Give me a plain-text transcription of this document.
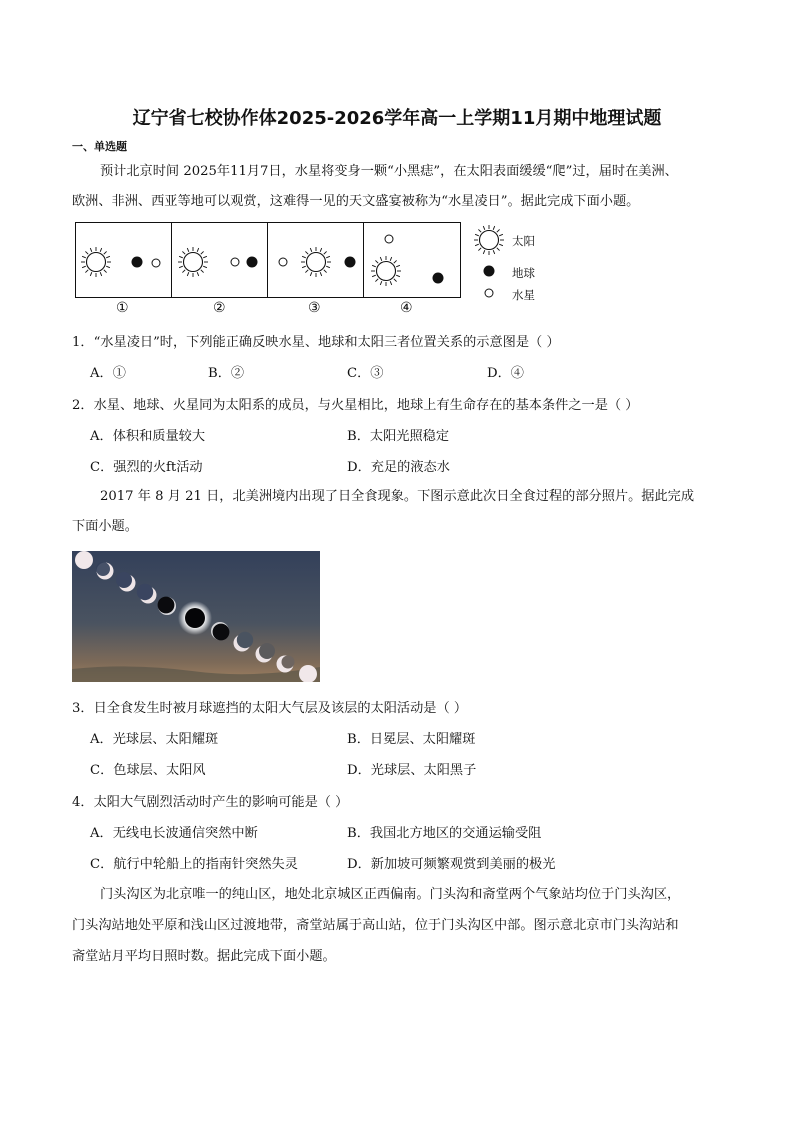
辽宁省七校协作体2025-2026学年高一上学期11月期中地理试题
一、单选题
预计北京时间 2025年11月7日，水星将变身一颗“小黑痣”，在太阳表面缓缓“爬”过，届时在美洲、
欧洲、非洲、西亚等地可以观赏，这难得一见的天文盛宴被称为“水星凌日”。据此完成下面小题。
太阳
地球
水星
①	②	③	④
1．“水星凌日”时，下列能正确反映水星、地球和太阳三者位置关系的示意图是（ ）
A．①	B．②	C．③	D．④
2．水星、地球、火星同为太阳系的成员，与火星相比，地球上有生命存在的基本条件之一是（ ）
A．体积和质量较大	B．太阳光照稳定
C．强烈的火ft活动	D．充足的液态水
2017 年 8 月 21 日，北美洲境内出现了日全食现象。下图示意此次日全食过程的部分照片。据此完成
下面小题。
3．日全食发生时被月球遮挡的太阳大气层及该层的太阳活动是（ ）
A．光球层、太阳耀斑	B．日冕层、太阳耀斑
C．色球层、太阳风	D．光球层、太阳黑子
4．太阳大气剧烈活动时产生的影响可能是（ ）
A．无线电长波通信突然中断	B．我国北方地区的交通运输受阻
C．航行中轮船上的指南针突然失灵	D．新加坡可频繁观赏到美丽的极光
门头沟区为北京唯一的纯山区，地处北京城区正西偏南。门头沟和斋堂两个气象站均位于门头沟区，
门头沟站地处平原和浅山区过渡地带，斋堂站属于高山站，位于门头沟区中部。图示意北京市门头沟站和
斋堂站月平均日照时数。据此完成下面小题。
